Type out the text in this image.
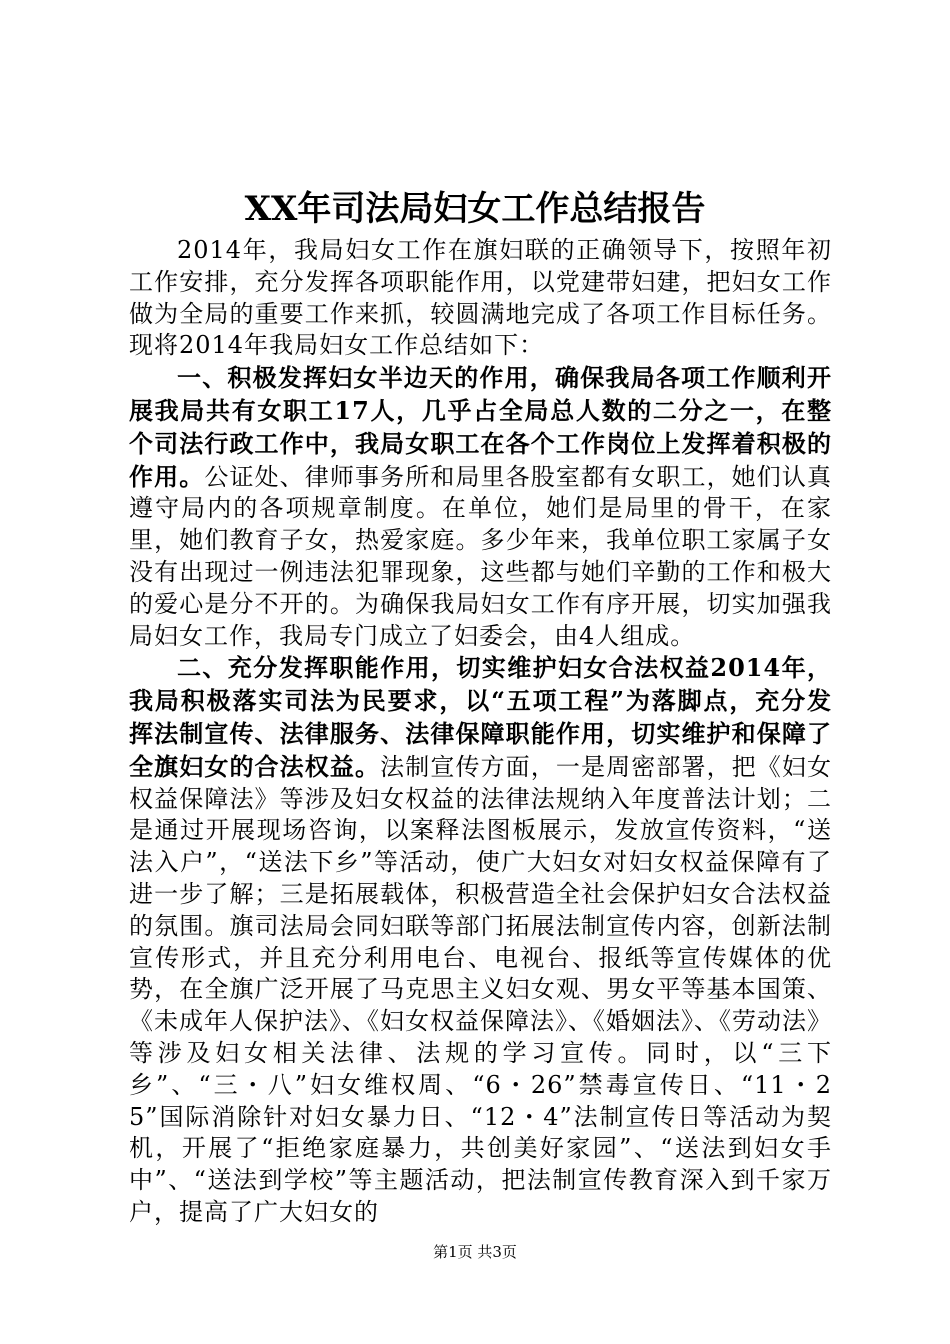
XX年司法局妇女工作总结报告

2014年，我局妇女工作在旗妇联的正确领导下，按照年初工作安排，充分发挥各项职能作用，以党建带妇建，把妇女工作做为全局的重要工作来抓，较圆满地完成了各项工作目标任务。现将2014年我局妇女工作总结如下：

一、积极发挥妇女半边天的作用，确保我局各项工作顺利开展我局共有女职工17人，几乎占全局总人数的二分之一，在整个司法行政工作中，我局女职工在各个工作岗位上发挥着积极的作用。公证处、律师事务所和局里各股室都有女职工，她们认真遵守局内的各项规章制度。在单位，她们是局里的骨干，在家里，她们教育子女，热爱家庭。多少年来，我单位职工家属子女没有出现过一例违法犯罪现象，这些都与她们辛勤的工作和极大的爱心是分不开的。为确保我局妇女工作有序开展，切实加强我局妇女工作，我局专门成立了妇委会，由4人组成。

二、充分发挥职能作用，切实维护妇女合法权益2014年，我局积极落实司法为民要求，以“五项工程”为落脚点，充分发挥法制宣传、法律服务、法律保障职能作用，切实维护和保障了全旗妇女的合法权益。法制宣传方面，一是周密部署，把《妇女权益保障法》等涉及妇女权益的法律法规纳入年度普法计划；二是通过开展现场咨询，以案释法图板展示，发放宣传资料，“送法入户”，“送法下乡”等活动，使广大妇女对妇女权益保障有了进一步了解；三是拓展载体，积极营造全社会保护妇女合法权益的氛围。旗司法局会同妇联等部门拓展法制宣传内容，创新法制宣传形式，并且充分利用电台、电视台、报纸等宣传媒体的优势，在全旗广泛开展了马克思主义妇女观、男女平等基本国策、《未成年人保护法》、《妇女权益保障法》、《婚姻法》、《劳动法》等涉及妇女相关法律、法规的学习宣传。同时，以“三下乡”、“三・八”妇女维权周、“6・26”禁毒宣传日、“11・25”国际消除针对妇女暴力日、“12・4”法制宣传日等活动为契机，开展了“拒绝家庭暴力，共创美好家园”、“送法到妇女手中”、“送法到学校”等主题活动，把法制宣传教育深入到千家万户，提高了广大妇女的

第1页 共3页
